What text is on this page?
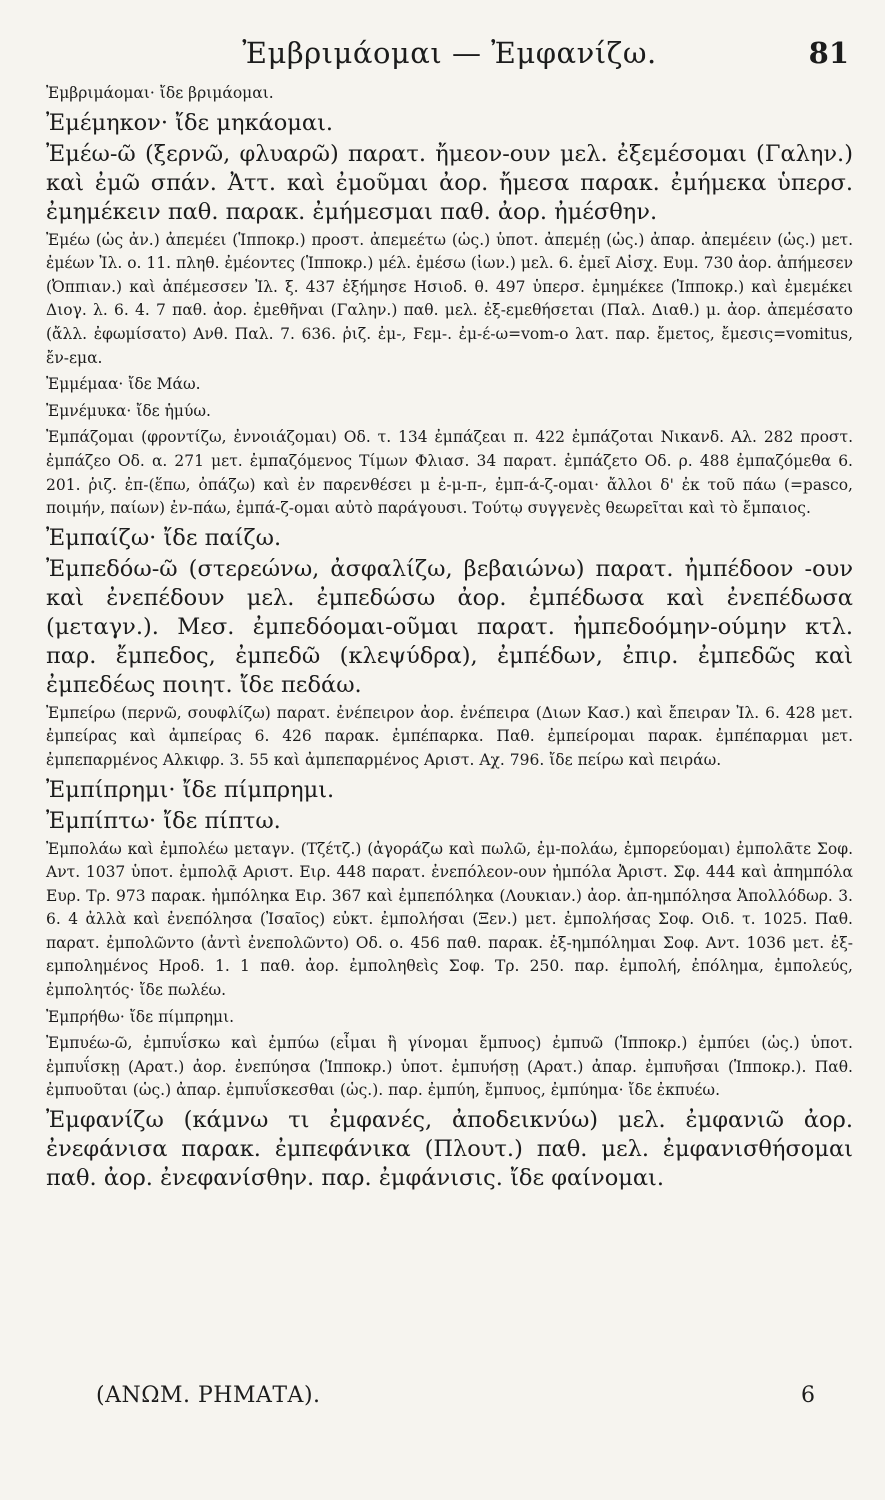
Ἐμβριμάομαι — Ἐμφανίζω.	81

Ἐμβριμάομαι· ἴδε βριμάομαι.

Ἐμέμηκον· ἴδε μηκάομαι.

Ἐμέω-ῶ (ξερνῶ, φλυαρῶ) παρατ. ἤμεον-ουν μελ. ἐξεμέσομαι (Γαλην.) καὶ ἐμῶ σπάν. Ἀττ. καὶ ἐμοῦμαι ἀορ. ἤμεσα παρακ. ἐμήμεκα ὑπερσ. ἐμημέκειν παθ. παρακ. ἐμήμεσμαι παθ. ἀορ. ἠμέσθην.

Ἐμέω (ὡς ἀν.) ἀπεμέει (Ἱπποκρ.) προστ. ἀπεμεέτω (ὡς.) ὑποτ. ἀπεμέῃ (ὡς.) ἀπαρ. ἀπεμέειν (ὡς.) μετ. ἐμέων Ἰλ. ο. 11. πληθ. ἐμέοντες (Ἱπποκρ.) μέλ. ἐμέσω (ἰων.) μελ. 6. ἐμεῖ Αἰσχ. Ευμ. 730 ἀορ. ἀπήμεσεν (Ὀππιαν.) καὶ ἀπέμεσσεν Ἰλ. ξ. 437 ἐξήμησε Ησιοδ. θ. 497 ὑπερσ. ἐμημέκεε (Ἱπποκρ.) καὶ ἐμεμέκει Διογ. λ. 6. 4. 7 παθ. ἀορ. ἐμεθῆναι (Γαλην.) παθ. μελ. ἐξ-εμεθήσεται (Παλ. Διαθ.) μ. ἀορ. ἀπεμέσατο (ἄλλ. ἐφωμίσατο) Ανθ. Παλ. 7. 636. ῥιζ. ἐμ-, Ϝεμ-. ἐμ-έ-ω=vom-o λατ. παρ. ἔμετος, ἔμεσις=vomitus, ἔν-εμα.

Ἐμμέμαα· ἴδε Μάω.

Ἐμνέμυκα· ἴδε ἡμύω.

Ἐμπάζομαι (φροντίζω, ἐννοιάζομαι) Οδ. τ. 134 ἐμπάζεαι π. 422 ἐμπάζοται Νικανδ. Αλ. 282 προστ. ἐμπάζεο Οδ. α. 271 μετ. ἐμπαζόμενος Τίμων Φλιασ. 34 παρατ. ἐμπάζετο Οδ. ρ. 488 ἐμπαζόμεθα 6. 201. ῥιζ. ἐπ-(ἕπω, ὀπάζω) καὶ ἐν παρενθέσει μ ἐ-μ-π-, ἐμπ-ά-ζ-ομαι· ἄλλοι δ' ἐκ τοῦ πάω (=pasco, ποιμήν, παίων) ἐν-πάω, ἐμπά-ζ-ομαι αὐτὸ παράγουσι. Τούτῳ συγγενὲς θεωρεῖται καὶ τὸ ἔμπαιος.

Ἐμπαίζω· ἴδε παίζω.

Ἐμπεδόω-ῶ (στερεώνω, ἀσφαλίζω, βεβαιώνω) παρατ. ἠμπέδοον -ουν καὶ ἐνεπέδουν μελ. ἐμπεδώσω ἀορ. ἐμπέδωσα καὶ ἐνεπέδωσα (μεταγν.). Μεσ. ἐμπεδόομαι-οῦμαι παρατ. ἠμπεδοόμην-ούμην κτλ. παρ. ἔμπεδος, ἐμπεδῶ (κλεψύδρα), ἐμπέδων, ἐπιρ. ἐμπεδῶς καὶ ἐμπεδέως ποιητ. ἴδε πεδάω.

Ἐμπείρω (περνῶ, σουφλίζω) παρατ. ἐνέπειρον ἀορ. ἐνέπειρα (Διων Κασ.) καὶ ἔπειραν Ἰλ. 6. 428 μετ. ἐμπείρας καὶ ἀμπείρας 6. 426 παρακ. ἐμπέπαρκα. Παθ. ἐμπείρομαι παρακ. ἐμπέπαρμαι μετ. ἐμπεπαρμένος Αλκιφρ. 3. 55 καὶ ἀμπεπαρμένος Αριστ. Αχ. 796. ἴδε πείρω καὶ πειράω.

Ἐμπίπρημι· ἴδε πίμπρημι.

Ἐμπίπτω· ἴδε πίπτω.

Ἐμπολάω καὶ ἐμπολέω μεταγν. (Τζέτζ.) (ἀγοράζω καὶ πωλῶ, ἐμ-πολάω, ἐμπορεύομαι) ἐμπολᾶτε Σοφ. Αντ. 1037 ὑποτ. ἐμπολᾷ Αριστ. Ειρ. 448 παρατ. ἐνεπόλεον-ουν ἠμπόλα Ἀριστ. Σφ. 444 καὶ ἀπημπόλα Ευρ. Τρ. 973 παρακ. ἠμπόληκα Ειρ. 367 καὶ ἐμπεπόληκα (Λουκιαν.) ἀορ. ἀπ-ημπόλησα Ἀπολλόδωρ. 3. 6. 4 ἀλλὰ καὶ ἐνεπόλησα (Ἰσαῖος) εὐκτ. ἐμπολήσαι (Ξεν.) μετ. ἐμπολήσας Σοφ. Οιδ. τ. 1025. Παθ. παρατ. ἐμπολῶντο (ἀντὶ ἐνεπολῶντο) Οδ. ο. 456 παθ. παρακ. ἐξ-ημπόλημαι Σοφ. Αντ. 1036 μετ. ἐξ-εμπολημένος Ηροδ. 1. 1 παθ. ἀορ. ἐμποληθεὶς Σοφ. Τρ. 250. παρ. ἐμπολή, ἐπόλημα, ἐμπολεύς, ἐμπολητός· ἴδε πωλέω.

Ἐμπρήθω· ἴδε πίμπρημι.

Ἐμπυέω-ῶ, ἐμπυΐσκω καὶ ἐμπύω (εἶμαι ἢ γίνομαι ἔμπυος) ἐμπυῶ (Ἱπποκρ.) ἐμπύει (ὡς.) ὑποτ. ἐμπυΐσκῃ (Αρατ.) ἀορ. ἐνεπύησα (Ἱπποκρ.) ὑποτ. ἐμπυήσῃ (Αρατ.) ἀπαρ. ἐμπυῆσαι (Ἱπποκρ.). Παθ. ἐμπυοῦται (ὡς.) ἀπαρ. ἐμπυΐσκεσθαι (ὡς.). παρ. ἐμπύη, ἔμπυος, ἐμπύημα· ἴδε ἐκπυέω.

Ἐμφανίζω (κάμνω τι ἐμφανές, ἀποδεικνύω) μελ. ἐμφανιῶ ἀορ. ἐνεφάνισα παρακ. ἐμπεφάνικα (Πλουτ.) παθ. μελ. ἐμφανισθήσομαι παθ. ἀορ. ἐνεφανίσθην. παρ. ἐμφάνισις. ἴδε φαίνομαι.

(ΑΝΩΜ. ΡΗΜΑΤΑ).	6
